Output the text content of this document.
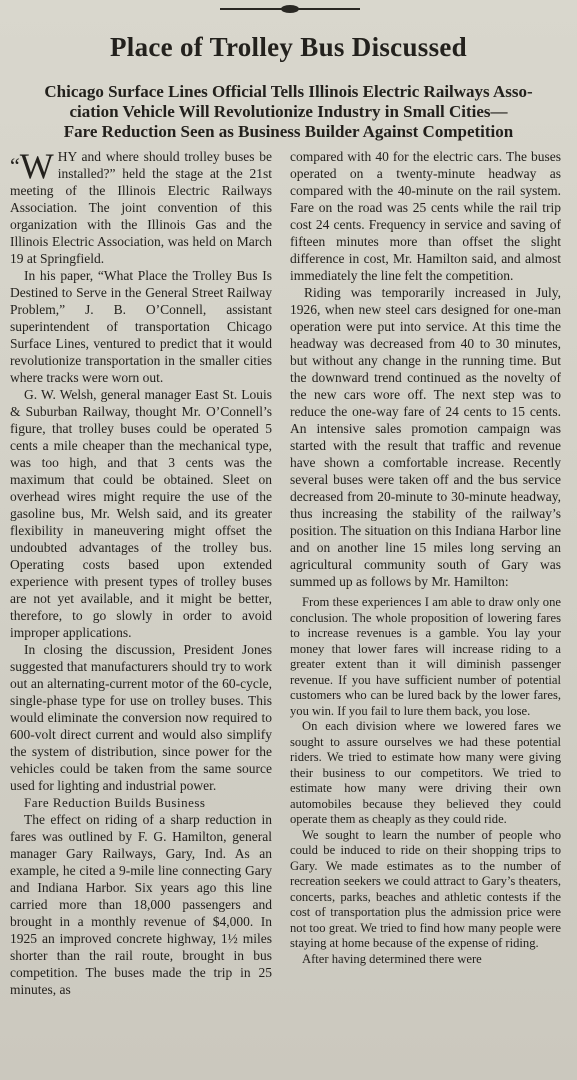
Place of Trolley Bus Discussed
Chicago Surface Lines Official Tells Illinois Electric Railways Asso-
ciation Vehicle Will Revolutionize Industry in Small Cities—
Fare Reduction Seen as Business Builder Against Competition

“W HY and where should trolley buses be installed?” held the stage at the 21st meeting of the Illinois Electric Railways Association. The joint convention of this organization with the Illinois Gas and the Illinois Electric Association, was held on March 19 at Springfield.

In his paper, “What Place the Trolley Bus Is Destined to Serve in the General Street Railway Problem,” J. B. O’Connell, assistant superintendent of transportation Chicago Surface Lines, ventured to predict that it would revolutionize transportation in the smaller cities where tracks were worn out.

G. W. Welsh, general manager East St. Louis & Suburban Railway, thought Mr. O’Connell’s figure, that trolley buses could be operated 5 cents a mile cheaper than the mechanical type, was too high, and that 3 cents was the maximum that could be obtained. Sleet on overhead wires might require the use of the gasoline bus, Mr. Welsh said, and its greater flexibility in maneuvering might offset the undoubted advantages of the trolley bus. Operating costs based upon extended experience with present types of trolley buses are not yet available, and it might be better, therefore, to go slowly in order to avoid improper applications.

In closing the discussion, President Jones suggested that manufacturers should try to work out an alternating-current motor of the 60-cycle, single-phase type for use on trolley buses. This would eliminate the conversion now required to 600-volt direct current and would also simplify the system of distribution, since power for the vehicles could be taken from the same source used for lighting and industrial power.

Fare Reduction Builds Business

The effect on riding of a sharp reduction in fares was outlined by F. G. Hamilton, general manager Gary Railways, Gary, Ind. As an example, he cited a 9-mile line connecting Gary and Indiana Harbor. Six years ago this line carried more than 18,000 passengers and brought in a monthly revenue of $4,000. In 1925 an improved concrete highway, 1½ miles shorter than the rail route, brought in bus competition. The buses made the trip in 25 minutes, as

compared with 40 for the electric cars. The buses operated on a twenty-minute headway as compared with the 40-minute on the rail system. Fare on the road was 25 cents while the rail trip cost 24 cents. Frequency in service and saving of fifteen minutes more than offset the slight difference in cost, Mr. Hamilton said, and almost immediately the line felt the competition.

Riding was temporarily increased in July, 1926, when new steel cars designed for one-man operation were put into service. At this time the headway was decreased from 40 to 30 minutes, but without any change in the running time. But the downward trend continued as the novelty of the new cars wore off. The next step was to reduce the one-way fare of 24 cents to 15 cents. An intensive sales promotion campaign was started with the result that traffic and revenue have shown a comfortable increase. Recently several buses were taken off and the bus service decreased from 20-minute to 30-minute headway, thus increasing the stability of the railway’s position. The situation on this Indiana Harbor line and on another line 15 miles long serving an agricultural community south of Gary was summed up as follows by Mr. Hamilton:

From these experiences I am able to draw only one conclusion. The whole proposition of lowering fares to increase revenues is a gamble. You lay your money that lower fares will increase riding to a greater extent than it will diminish passenger revenue. If you have sufficient number of potential customers who can be lured back by the lower fares, you win. If you fail to lure them back, you lose.

On each division where we lowered fares we sought to assure ourselves we had these potential riders. We tried to estimate how many were giving their business to our competitors. We tried to estimate how many were driving their own automobiles because they believed they could operate them as cheaply as they could ride.

We sought to learn the number of people who could be induced to ride on their shopping trips to Gary. We made estimates as to the number of recreation seekers we could attract to Gary’s theaters, concerts, parks, beaches and athletic contests if the cost of transportation plus the admission price were not too great. We tried to find how many people were staying at home because of the expense of riding.

After having determined there were
